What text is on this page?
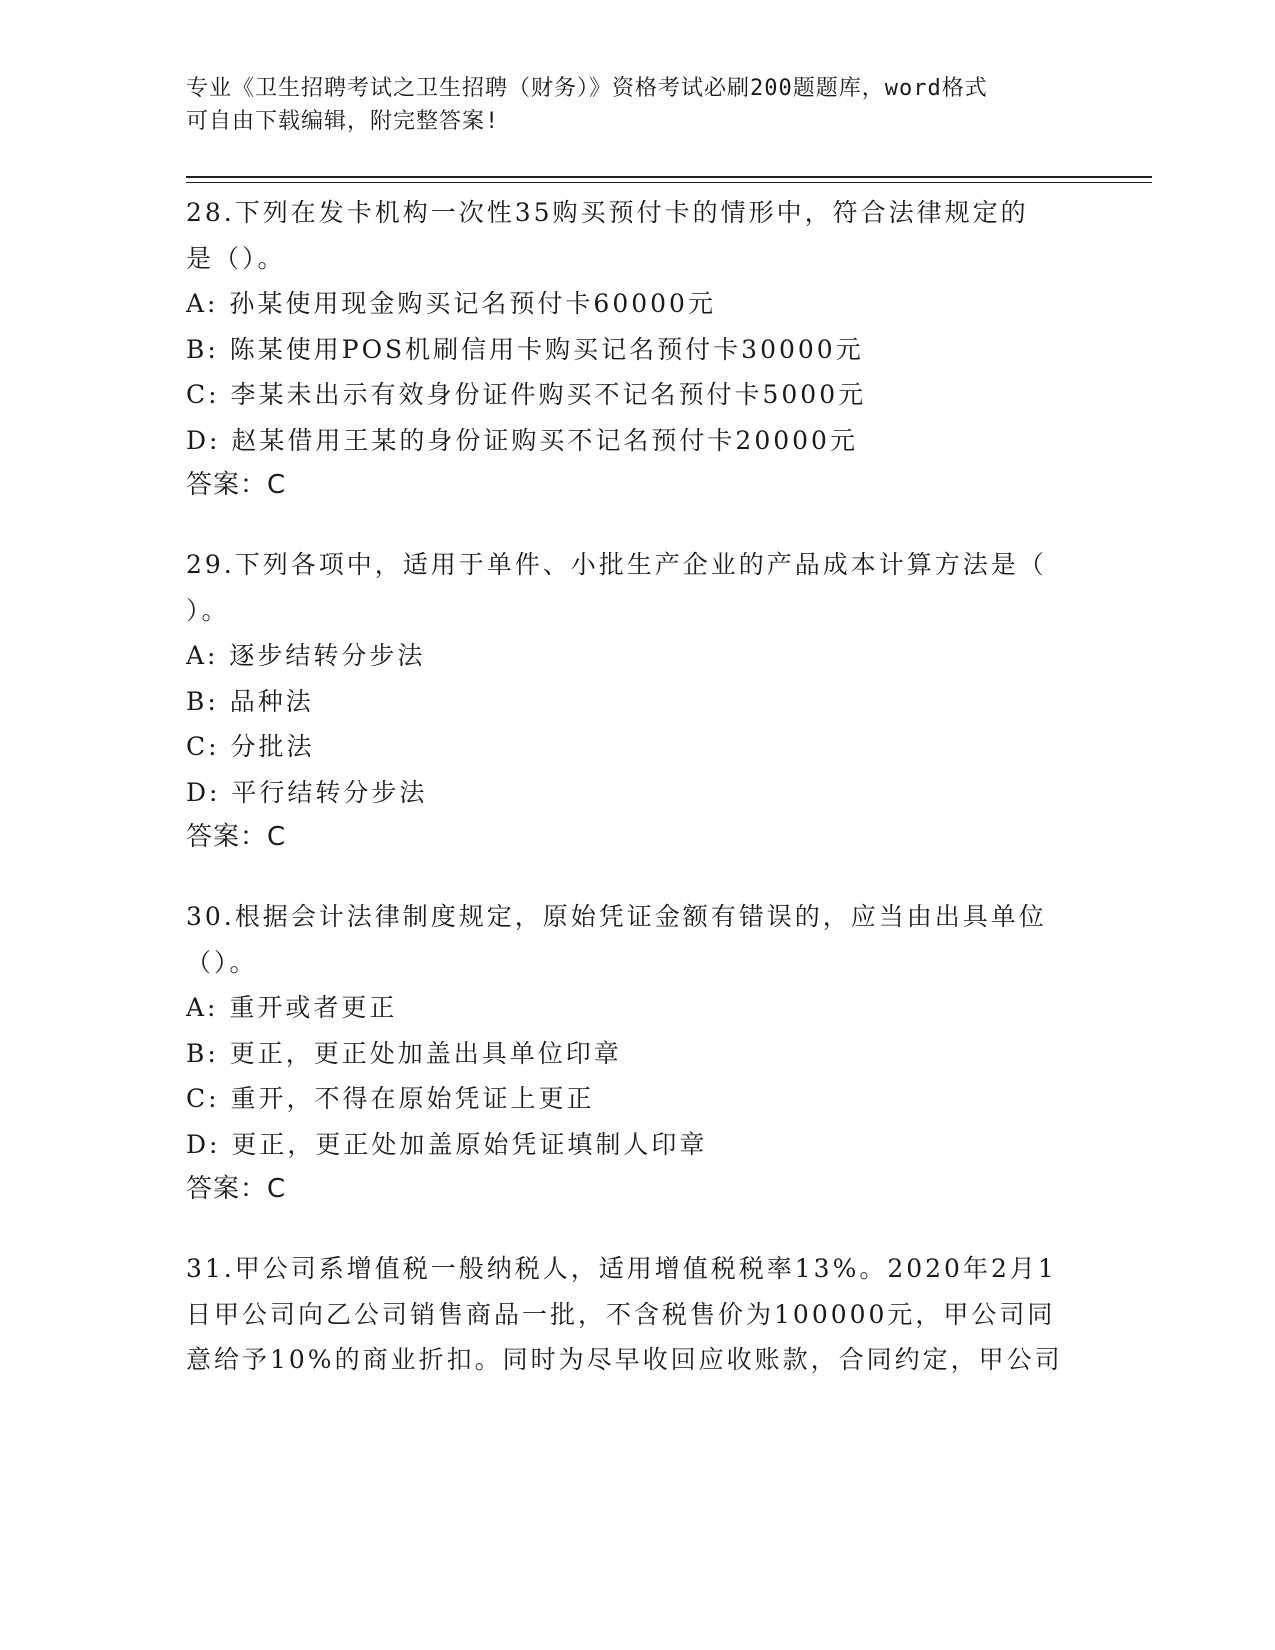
专业《卫生招聘考试之卫生招聘（财务）》资格考试必刷200题题库，word格式
可自由下载编辑，附完整答案!
28.下列在发卡机构一次性35购买预付卡的情形中，符合法律规定的
是（）。
A: 孙某使用现金购买记名预付卡60000元
B: 陈某使用POS机刷信用卡购买记名预付卡30000元
C: 李某未出示有效身份证件购买不记名预付卡5000元
D: 赵某借用王某的身份证购买不记名预付卡20000元
答案：C
29.下列各项中，适用于单件、小批生产企业的产品成本计算方法是（
）。
A: 逐步结转分步法
B: 品种法
C: 分批法
D: 平行结转分步法
答案：C
30.根据会计法律制度规定，原始凭证金额有错误的，应当由出具单位
（）。
A: 重开或者更正
B: 更正，更正处加盖出具单位印章
C: 重开，不得在原始凭证上更正
D: 更正，更正处加盖原始凭证填制人印章
答案：C
31.甲公司系增值税一般纳税人，适用增值税税率13%。2020年2月1
日甲公司向乙公司销售商品一批，不含税售价为100000元，甲公司同
意给予10%的商业折扣。同时为尽早收回应收账款，合同约定，甲公司
